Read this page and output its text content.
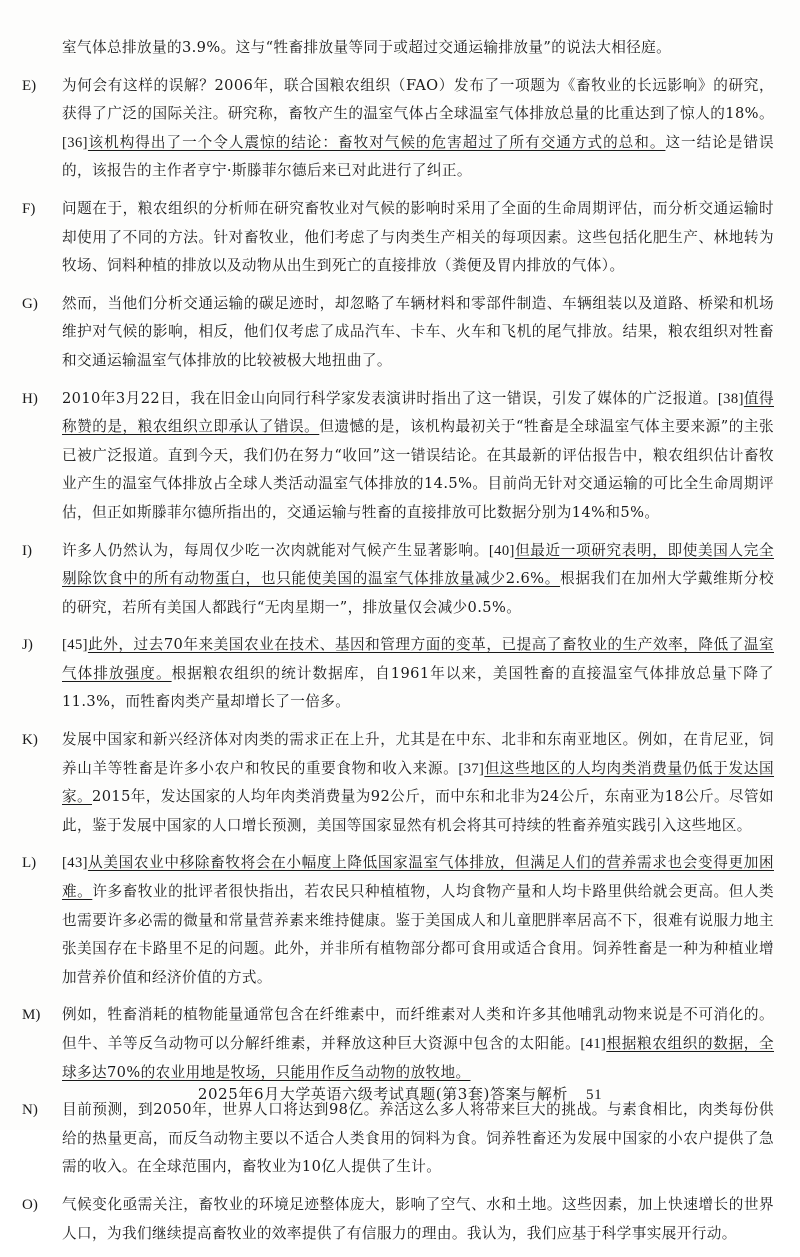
室气体总排放量的3.9%。这与“牲畜排放量等同于或超过交通运输排放量”的说法大相径庭。

E) 为何会有这样的误解？2006年，联合国粮农组织（FAO）发布了一项题为《畜牧业的长远影响》的研究，获得了广泛的国际关注。研究称，畜牧产生的温室气体占全球温室气体排放总量的比重达到了惊人的18%。[36]该机构得出了一个令人震惊的结论：畜牧对气候的危害超过了所有交通方式的总和。这一结论是错误的，该报告的主作者亨宁·斯滕菲尔德后来已对此进行了纠正。

F) 问题在于，粮农组织的分析师在研究畜牧业对气候的影响时采用了全面的生命周期评估，而分析交通运输时却使用了不同的方法。针对畜牧业，他们考虑了与肉类生产相关的每项因素。这些包括化肥生产、林地转为牧场、饲料种植的排放以及动物从出生到死亡的直接排放（粪便及胃内排放的气体）。

G) 然而，当他们分析交通运输的碳足迹时，却忽略了车辆材料和零部件制造、车辆组装以及道路、桥梁和机场维护对气候的影响，相反，他们仅考虑了成品汽车、卡车、火车和飞机的尾气排放。结果，粮农组织对牲畜和交通运输温室气体排放的比较被极大地扭曲了。

H) 2010年3月22日，我在旧金山向同行科学家发表演讲时指出了这一错误，引发了媒体的广泛报道。[38]值得称赞的是，粮农组织立即承认了错误。但遗憾的是，该机构最初关于“牲畜是全球温室气体主要来源”的主张已被广泛报道。直到今天，我们仍在努力“收回”这一错误结论。在其最新的评估报告中，粮农组织估计畜牧业产生的温室气体排放占全球人类活动温室气体排放的14.5%。目前尚无针对交通运输的可比全生命周期评估，但正如斯滕菲尔德所指出的，交通运输与牲畜的直接排放可比数据分别为14%和5%。

I) 许多人仍然认为，每周仅少吃一次肉就能对气候产生显著影响。[40]但最近一项研究表明，即使美国人完全剔除饮食中的所有动物蛋白，也只能使美国的温室气体排放量减少2.6%。根据我们在加州大学戴维斯分校的研究，若所有美国人都践行“无肉星期一”，排放量仅会减少0.5%。

J) [45]此外，过去70年来美国农业在技术、基因和管理方面的变革，已提高了畜牧业的生产效率，降低了温室气体排放强度。根据粮农组织的统计数据库，自1961年以来，美国牲畜的直接温室气体排放总量下降了11.3%，而牲畜肉类产量却增长了一倍多。

K) 发展中国家和新兴经济体对肉类的需求正在上升，尤其是在中东、北非和东南亚地区。例如，在肯尼亚，饲养山羊等牲畜是许多小农户和牧民的重要食物和收入来源。[37]但这些地区的人均肉类消费量仍低于发达国家。2015年，发达国家的人均年肉类消费量为92公斤，而中东和北非为24公斤，东南亚为18公斤。尽管如此，鉴于发展中国家的人口增长预测，美国等国家显然有机会将其可持续的牲畜养殖实践引入这些地区。

L) [43]从美国农业中移除畜牧将会在小幅度上降低国家温室气体排放，但满足人们的营养需求也会变得更加困难。许多畜牧业的批评者很快指出，若农民只种植植物，人均食物产量和人均卡路里供给就会更高。但人类也需要许多必需的微量和常量营养素来维持健康。鉴于美国成人和儿童肥胖率居高不下，很难有说服力地主张美国存在卡路里不足的问题。此外，并非所有植物部分都可食用或适合食用。饲养牲畜是一种为种植业增加营养价值和经济价值的方式。

M) 例如，牲畜消耗的植物能量通常包含在纤维素中，而纤维素对人类和许多其他哺乳动物来说是不可消化的。但牛、羊等反刍动物可以分解纤维素，并释放这种巨大资源中包含的太阳能。[41]根据粮农组织的数据，全球多达70%的农业用地是牧场，只能用作反刍动物的放牧地。

N) 目前预测，到2050年，世界人口将达到98亿。养活这么多人将带来巨大的挑战。与素食相比，肉类每份供给的热量更高，而反刍动物主要以不适合人类食用的饲料为食。饲养牲畜还为发展中国家的小农户提供了急需的收入。在全球范围内，畜牧业为10亿人提供了生计。

O) 气候变化亟需关注，畜牧业的环境足迹整体庞大，影响了空气、水和土地。这些因素，加上快速增长的世界人口，为我们继续提高畜牧业的效率提供了有信服力的理由。我认为，我们应基于科学事实展开行动。

2025年6月大学英语六级考试真题(第3套)答案与解析 51
